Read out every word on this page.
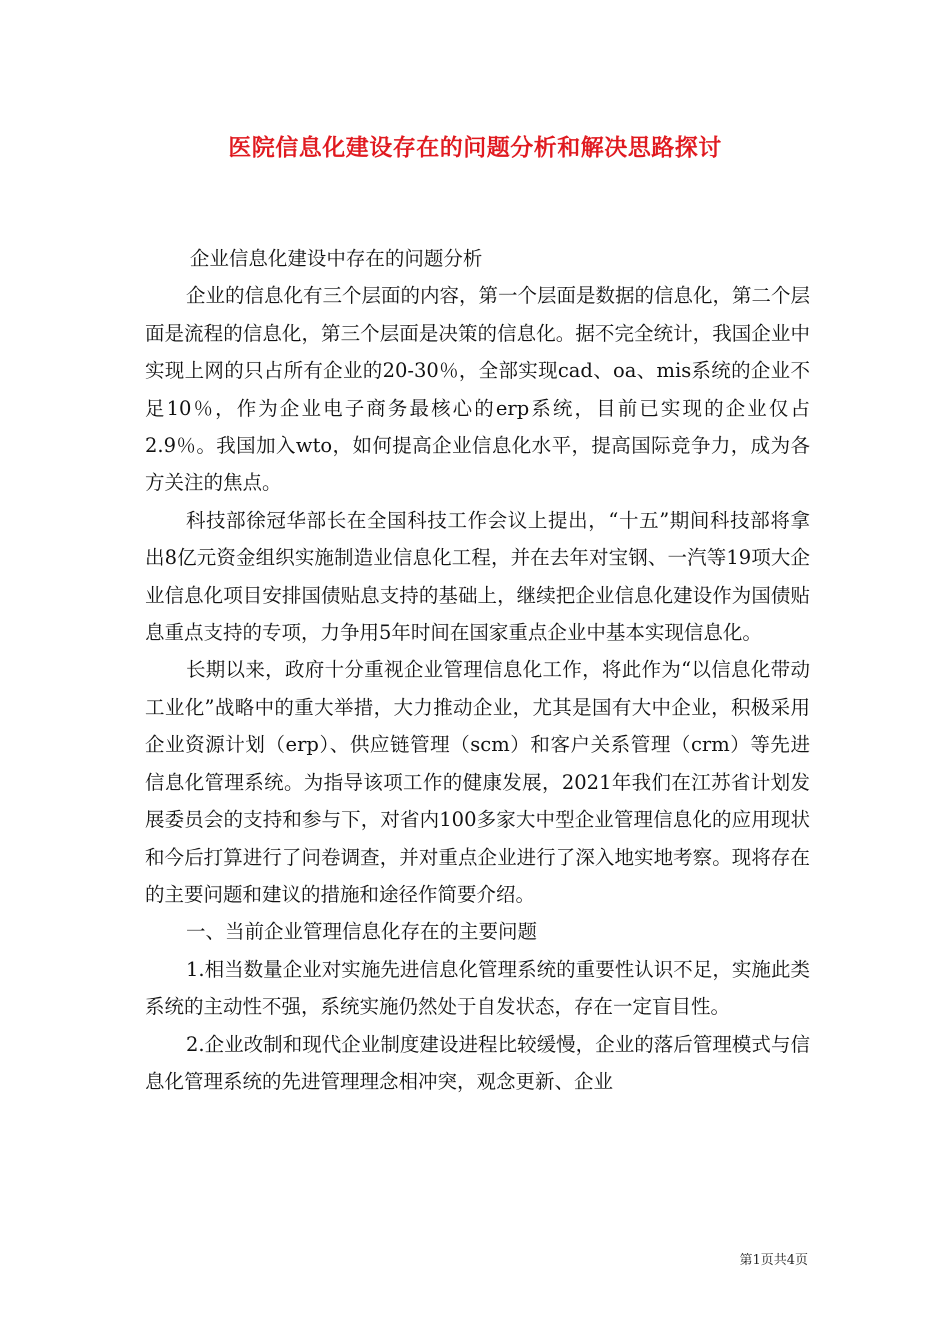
医院信息化建设存在的问题分析和解决思路探讨

企业信息化建设中存在的问题分析

企业的信息化有三个层面的内容，第一个层面是数据的信息化，第二个层面是流程的信息化，第三个层面是决策的信息化。据不完全统计，我国企业中实现上网的只占所有企业的20-30％，全部实现cad、oa、mis系统的企业不足10％，作为企业电子商务最核心的erp系统，目前已实现的企业仅占2.9％。我国加入wto，如何提高企业信息化水平，提高国际竞争力，成为各方关注的焦点。

科技部徐冠华部长在全国科技工作会议上提出，“十五”期间科技部将拿出8亿元资金组织实施制造业信息化工程，并在去年对宝钢、一汽等19项大企业信息化项目安排国债贴息支持的基础上，继续把企业信息化建设作为国债贴息重点支持的专项，力争用5年时间在国家重点企业中基本实现信息化。

长期以来，政府十分重视企业管理信息化工作，将此作为“以信息化带动工业化”战略中的重大举措，大力推动企业，尤其是国有大中企业，积极采用企业资源计划（erp）、供应链管理（scm）和客户关系管理（crm）等先进信息化管理系统。为指导该项工作的健康发展，2021年我们在江苏省计划发展委员会的支持和参与下，对省内100多家大中型企业管理信息化的应用现状和今后打算进行了问卷调查，并对重点企业进行了深入地实地考察。现将存在的主要问题和建议的措施和途径作简要介绍。

一、当前企业管理信息化存在的主要问题

1.相当数量企业对实施先进信息化管理系统的重要性认识不足，实施此类系统的主动性不强，系统实施仍然处于自发状态，存在一定盲目性。

2.企业改制和现代企业制度建设进程比较缓慢，企业的落后管理模式与信息化管理系统的先进管理理念相冲突，观念更新、企业

第1页共4页
